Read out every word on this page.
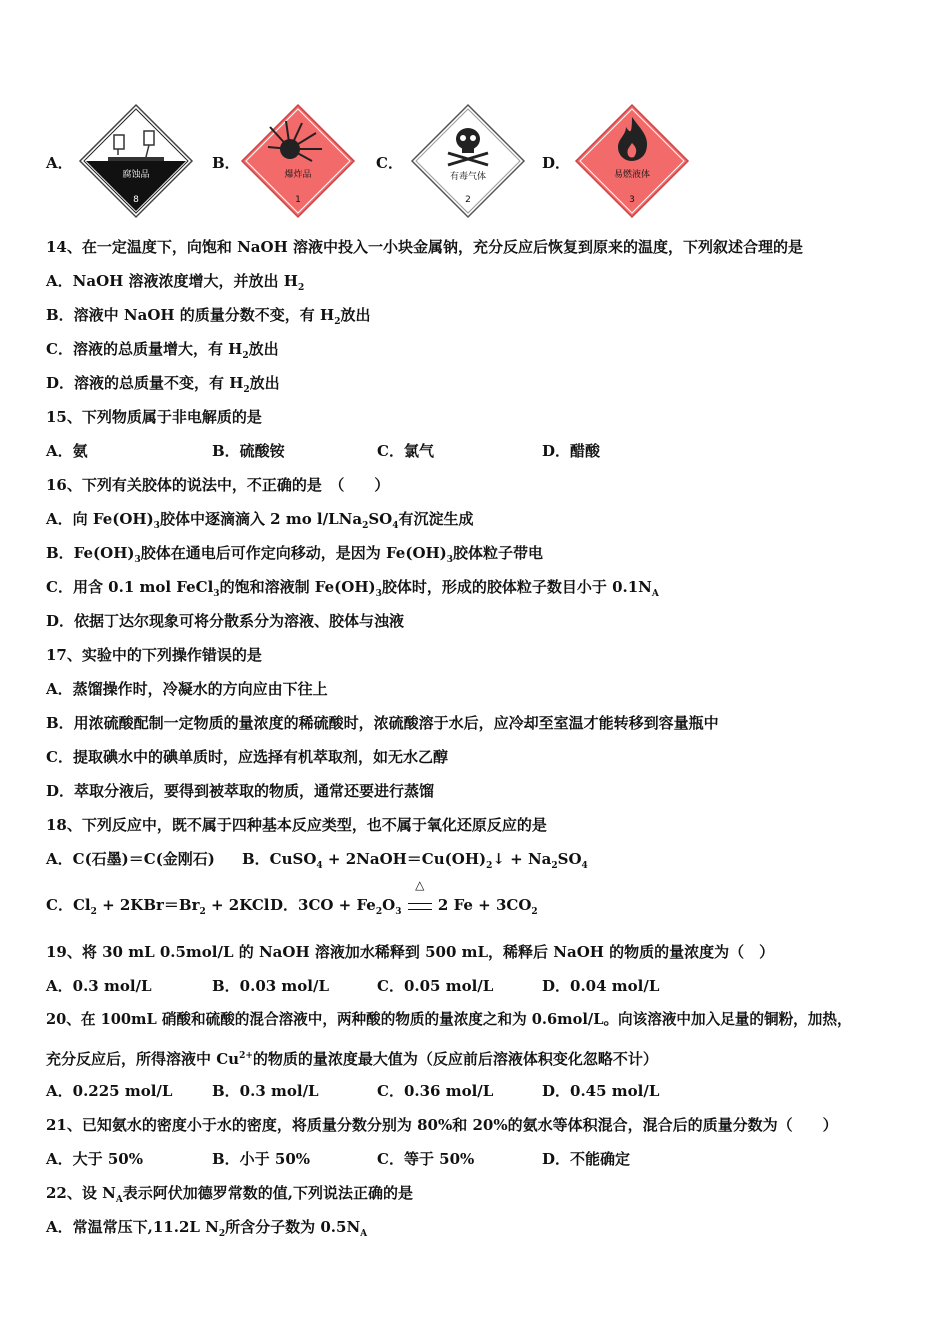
A．
腐蚀品
8
B．
爆炸品
1
C．
有毒气体
2
D．
易燃液体
3
14、在一定温度下，向饱和 NaOH 溶液中投入一小块金属钠，充分反应后恢复到原来的温度，下列叙述合理的是
A．NaOH 溶液浓度增大，并放出 $H_2$
B．溶液中 NaOH 的质量分数不变，有 $H_2$放出
C．溶液的总质量增大，有 $H_2$放出
D．溶液的总质量不变，有 $H_2$放出
15、下列物质属于非电解质的是
A．氨	B．硫酸铵	C．氯气	D．醋酸
16、下列有关胶体的说法中，不正确的是　（　　）
A．向 $Fe(OH)_3$胶体中逐滴滴入 2 mo $l/LNa_2SO_4$有沉淀生成
B．$Fe(OH)_3$胶体在通电后可作定向移动，是因为 $Fe(OH)_3$胶体粒子带电
C．用含 0.1 mol FeCl$_3$的饱和溶液制 $Fe(OH)_3$胶体时，形成的胶体粒子数目小于 $0.1N_A$
D．依据丁达尔现象可将分散系分为溶液、胶体与浊液
17、实验中的下列操作错误的是
A．蒸馏操作时，冷凝水的方向应由下往上
B．用浓硫酸配制一定物质的量浓度的稀硫酸时，浓硫酸溶于水后，应冷却至室温才能转移到容量瓶中
C．提取碘水中的碘单质时，应选择有机萃取剂，如无水乙醇
D．萃取分液后，要得到被萃取的物质，通常还要进行蒸馏
18、下列反应中，既不属于四种基本反应类型，也不属于氧化还原反应的是
A．C(石墨)＝C(金刚石) B．CuSO$_4$ + $2NaOH=Cu(OH)_2↓ + Na_2SO_4$
C．$Cl_2 + 2KBr=Br_2 + 2KCl$ D．$3CO + Fe_2O_3$
△
2 $Fe + 3CO_2$
19、将 30 mL 0.5mol/L 的 NaOH 溶液加水稀释到 500 mL，稀释后 NaOH 的物质的量浓度为（　）
A．0.3 mol/L	B．0.03 mol/L	C．0.05 mol/L	D．0.04 mol/L
20、在 100mL 硝酸和硫酸的混合溶液中，两种酸的物质的量浓度之和为 0.6mol/L。向该溶液中加入足量的铜粉，加热，
充分反应后，所得溶液中 $Cu^{2+}$的物质的量浓度最大值为（反应前后溶液体积变化忽略不计）
A．0.225 mol/L	B．0.3 mol/L	C．0.36 mol/L	D．0.45 mol/L
21、已知氨水的密度小于水的密度，将质量分数分别为 80%和 20%的氨水等体积混合，混合后的质量分数为（　　）
A．大于 50%	B．小于 50%	C．等于 50%	D．不能确定
22、设 $N_A$表示阿伏加德罗常数的值,下列说法正确的是
A．常温常压下,11.2L $N_2$所含分子数为 $0.5N_A$
